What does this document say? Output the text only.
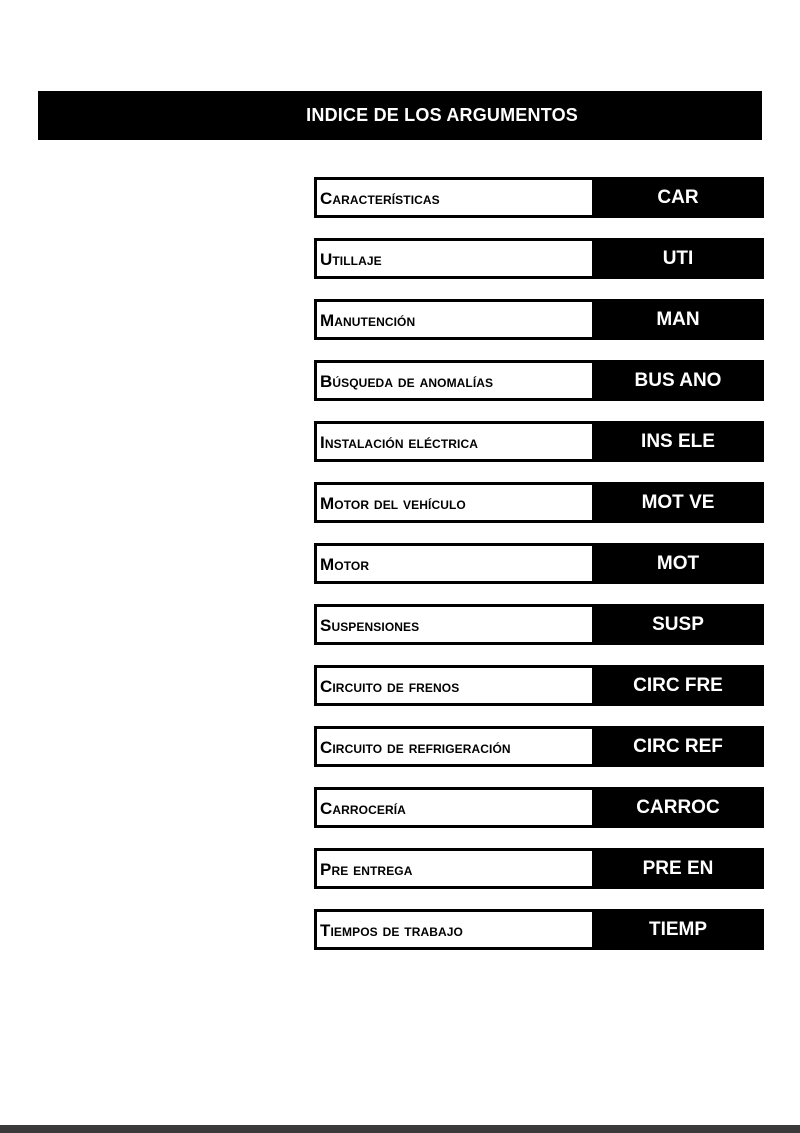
INDICE DE LOS ARGUMENTOS
Características	CAR
Utillaje	UTI
Manutención	MAN
Búsqueda de anomalías	BUS ANO
Instalación eléctrica	INS ELE
Motor del vehículo	MOT VE
Motor	MOT
Suspensiones	SUSP
Circuito de frenos	CIRC FRE
Circuito de refrigeración	CIRC REF
Carrocería	CARROC
Pre entrega	PRE EN
Tiempos de trabajo	TIEMP
